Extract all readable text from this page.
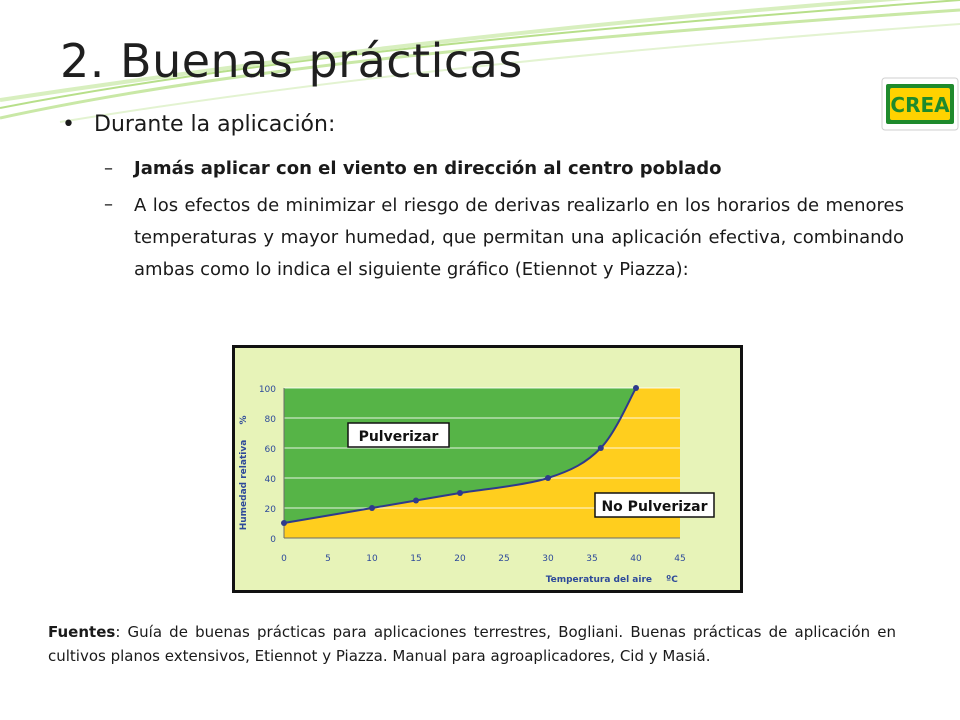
2. Buenas prácticas
CREA
• Durante la aplicación:
– Jamás aplicar con el viento en dirección al centro poblado
– A los efectos de minimizar el riesgo de derivas realizarlo en los horarios de menores temperaturas y mayor humedad, que permitan una aplicación efectiva, combinando ambas como lo indica el siguiente gráfico (Etiennot y Piazza):
0
20
40
60
80
100
0	5	10	15	20	25	30	35	40	45
Temperatura del aire ºC
Humedad relativa
%
Pulverizar
No Pulverizar
Fuentes: Guía de buenas prácticas para aplicaciones terrestres, Bogliani. Buenas prácticas de aplicación en cultivos planos extensivos, Etiennot y Piazza. Manual para agroaplicadores, Cid y Masiá.
